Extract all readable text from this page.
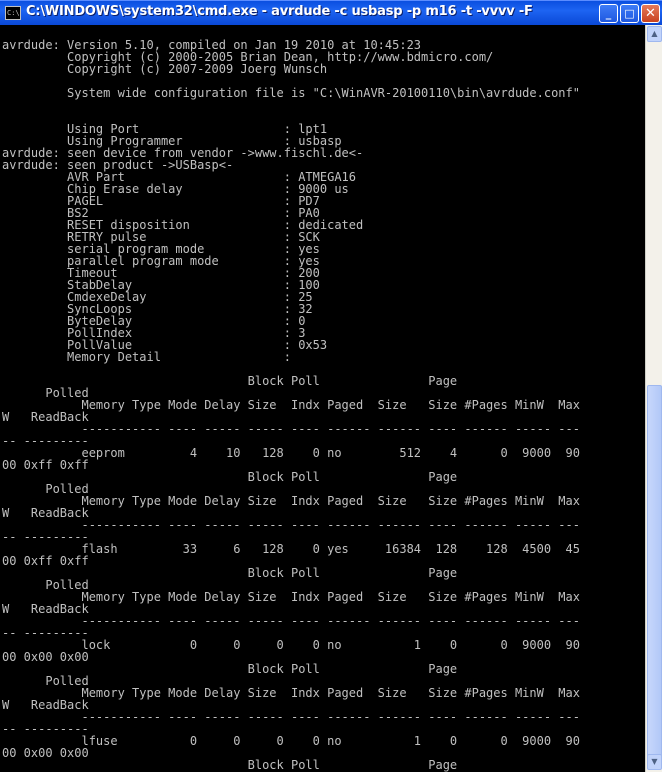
C:\ C:\WINDOWS\system32\cmd.exe - avrdude -c usbasp -p m16 -t -vvvv -F	_	□ ✕
avrdude: Version 5.10, compiled on Jan 19 2010 at 10:45:23
Copyright (c) 2000-2005 Brian Dean, http://www.bdmicro.com/
Copyright (c) 2007-2009 Joerg Wunsch

System wide configuration file is "C:\WinAVR-20100110\bin\avrdude.conf"

Using Port                    : lpt1
Using Programmer              : usbasp
avrdude: seen device from vendor ->www.fischl.de<-
avrdude: seen product ->USBasp<-
AVR Part                      : ATMEGA16
Chip Erase delay              : 9000 us
PAGEL                         : PD7
BS2                           : PA0
RESET disposition             : dedicated
RETRY pulse                   : SCK
serial program mode           : yes
parallel program mode         : yes
Timeout                       : 200
StabDelay                     : 100
CmdexeDelay                   : 25
SyncLoops                     : 32
ByteDelay                     : 0
PollIndex                     : 3
PollValue                     : 0x53
Memory Detail                 :

Block Poll               Page
Polled
Memory Type Mode Delay Size  Indx Paged  Size   Size #Pages MinW  Max
W   ReadBack
----------- ---- ----- ----- ---- ------ ------ ---- ------ ----- ---
-- ---------
eeprom         4    10   128    0 no        512    4      0  9000  90
00 0xff 0xff
Block Poll               Page
Polled
Memory Type Mode Delay Size  Indx Paged  Size   Size #Pages MinW  Max
W   ReadBack
----------- ---- ----- ----- ---- ------ ------ ---- ------ ----- ---
-- ---------
flash         33     6   128    0 yes     16384  128    128  4500  45
00 0xff 0xff
Block Poll               Page
Polled
Memory Type Mode Delay Size  Indx Paged  Size   Size #Pages MinW  Max
W   ReadBack
----------- ---- ----- ----- ---- ------ ------ ---- ------ ----- ---
-- ---------
lock           0     0     0    0 no          1    0      0  9000  90
00 0x00 0x00
Block Poll               Page
Polled
Memory Type Mode Delay Size  Indx Paged  Size   Size #Pages MinW  Max
W   ReadBack
----------- ---- ----- ----- ---- ------ ------ ---- ------ ----- ---
-- ---------
lfuse          0     0     0    0 no          1    0      0  9000  90
00 0x00 0x00
Block Poll               Page

▲
▼
